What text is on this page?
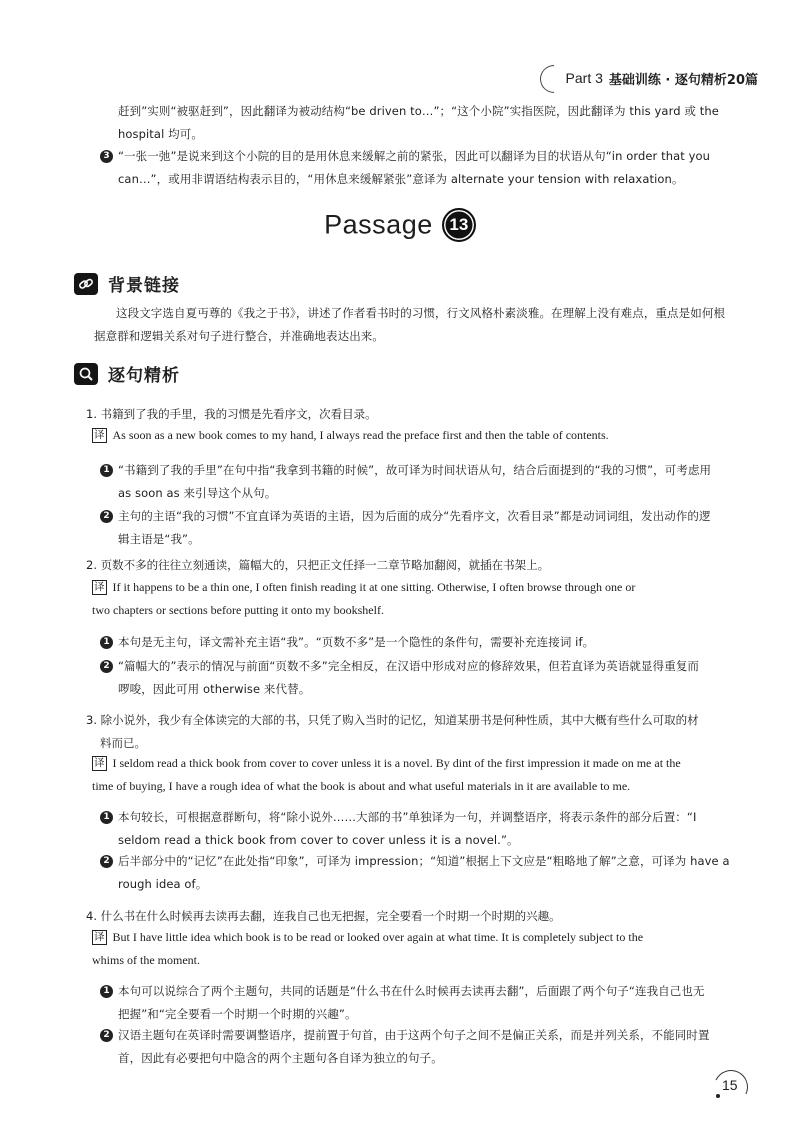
Part 3 基础训练 · 逐句精析20篇
赶到”实则“被驱赶到”，因此翻译为被动结构“be driven to…”；“这个小院”实指医院，因此翻译为 this yard 或 the
hospital 均可。
3 “一张一弛”是说来到这个小院的目的是用休息来缓解之前的紧张，因此可以翻译为目的状语从句“in order that you
can…”，或用非谓语结构表示目的，“用休息来缓解紧张”意译为 alternate your tension with relaxation。
Passage 13
背景链接
这段文字选自夏丏尊的《我之于书》，讲述了作者看书时的习惯，行文风格朴素淡雅。在理解上没有难点，重点是如何根
据意群和逻辑关系对句子进行整合，并准确地表达出来。
逐句精析
1. 书籍到了我的手里，我的习惯是先看序文，次看目录。
译 As soon as a new book comes to my hand, I always read the preface first and then the table of contents.
1 “书籍到了我的手里”在句中指“我拿到书籍的时候”，故可译为时间状语从句，结合后面提到的“我的习惯”，可考虑用
as soon as 来引导这个从句。
2 主句的主语“我的习惯”不宜直译为英语的主语，因为后面的成分“先看序文，次看目录”都是动词词组，发出动作的逻
辑主语是“我”。
2. 页数不多的往往立刻通读，篇幅大的，只把正文任择一二章节略加翻阅，就插在书架上。
译 If it happens to be a thin one, I often finish reading it at one sitting. Otherwise, I often browse through one or
two chapters or sections before putting it onto my bookshelf.
1 本句是无主句，译文需补充主语“我”。“页数不多”是一个隐性的条件句，需要补充连接词 if。
2 “篇幅大的”表示的情况与前面“页数不多”完全相反，在汉语中形成对应的修辞效果，但若直译为英语就显得重复而
啰唆，因此可用 otherwise 来代替。
3. 除小说外，我少有全体读完的大部的书，只凭了购入当时的记忆，知道某册书是何种性质，其中大概有些什么可取的材
料而已。
译 I seldom read a thick book from cover to cover unless it is a novel. By dint of the first impression it made on me at the
time of buying, I have a rough idea of what the book is about and what useful materials in it are available to me.
1 本句较长，可根据意群断句，将“除小说外……大部的书”单独译为一句，并调整语序，将表示条件的部分后置：“I
seldom read a thick book from cover to cover unless it is a novel.”。
2 后半部分中的“记忆”在此处指“印象”，可译为 impression；“知道”根据上下文应是“粗略地了解”之意，可译为 have a
rough idea of。
4. 什么书在什么时候再去读再去翻，连我自己也无把握，完全要看一个时期一个时期的兴趣。
译 But I have little idea which book is to be read or looked over again at what time. It is completely subject to the
whims of the moment.
1 本句可以说综合了两个主题句，共同的话题是“什么书在什么时候再去读再去翻”，后面跟了两个句子“连我自己也无
把握”和“完全要看一个时期一个时期的兴趣”。
2 汉语主题句在英译时需要调整语序，提前置于句首，由于这两个句子之间不是偏正关系，而是并列关系，不能同时置
首，因此有必要把句中隐含的两个主题句各自译为独立的句子。
15
